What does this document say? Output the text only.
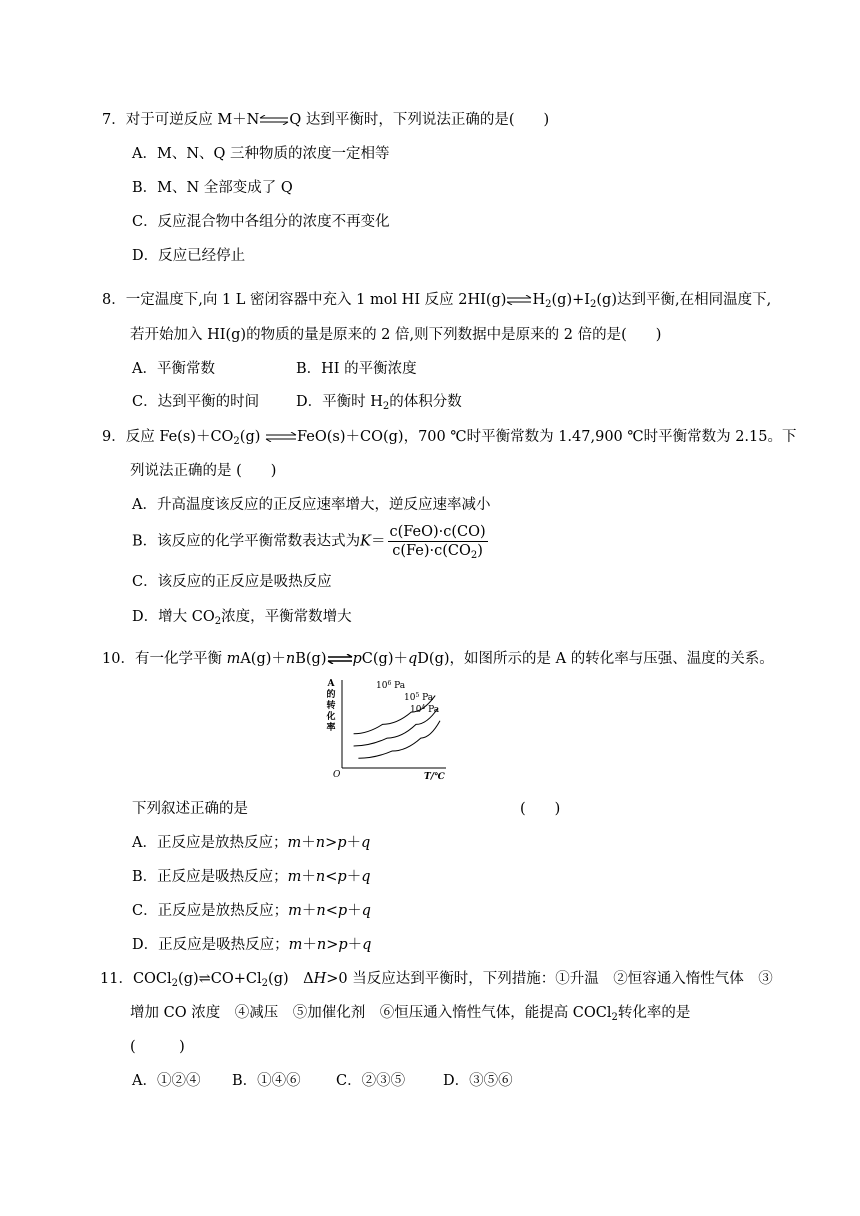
7．对于可逆反应 M＋N⇌Q 达到平衡时，下列说法正确的是(　　)
A．M、N、Q 三种物质的浓度一定相等
B．M、N 全部变成了 Q
C．反应混合物中各组分的浓度不再变化
D．反应已经停止
8．一定温度下,向 1 L 密闭容器中充入 1 mol HI 反应 $2HI(g)\rightleftharpoons H_2(g)+I_2(g)$达到平衡,在相同温度下,
若开始加入 HI(g)的物质的量是原来的 2 倍,则下列数据中是原来的 2 倍的是(　　)
A．平衡常数	B．HI 的平衡浓度
C．达到平衡的时间	D．平衡时 $H_2$的体积分数
9．反应 $Fe(s)+CO_2(g)$ ⇌FeO(s)＋CO(g)，700 ℃时平衡常数为 1.47,900 ℃时平衡常数为 2.15。下
列说法正确的是 (　　)
A．升高温度该反应的正反应速率增大，逆反应速率减小
B．该反应的化学平衡常数表达式为$K= \frac{\text{c(FeO)·c(CO)}}{c(Fe)\cdot c(CO_2)}$
C．该反应的正反应是吸热反应
D．增大 $CO_2$浓度，平衡常数增大
10．有一化学平衡 mA(g)＋nB(g)⇌pC(g)＋qD(g)，如图所示的是 A 的转化率与压强、温度的关系。
A
的
转
化
率
O	T/℃
$10^6$ Pa
$10^5$ Pa
$10^4$ Pa
下列叙述正确的是	(　　)
A．正反应是放热反应；m＋n>p＋q
B．正反应是吸热反应；m＋n<p＋q
C．正反应是放热反应；m＋n<p＋q
D．正反应是吸热反应；m＋n>p＋q
11．$COCl_2(g)\rightleftharpoons CO+Cl_2(g)$　ΔH>0 当反应达到平衡时，下列措施：①升温　②恒容通入惰性气体　③
增加 CO 浓度　④减压　⑤加催化剂　⑥恒压通入惰性气体，能提高 COCl$_2$转化率的是
(　　　)
A．①②④ B．①④⑥ C．②③⑤	D．③⑤⑥
